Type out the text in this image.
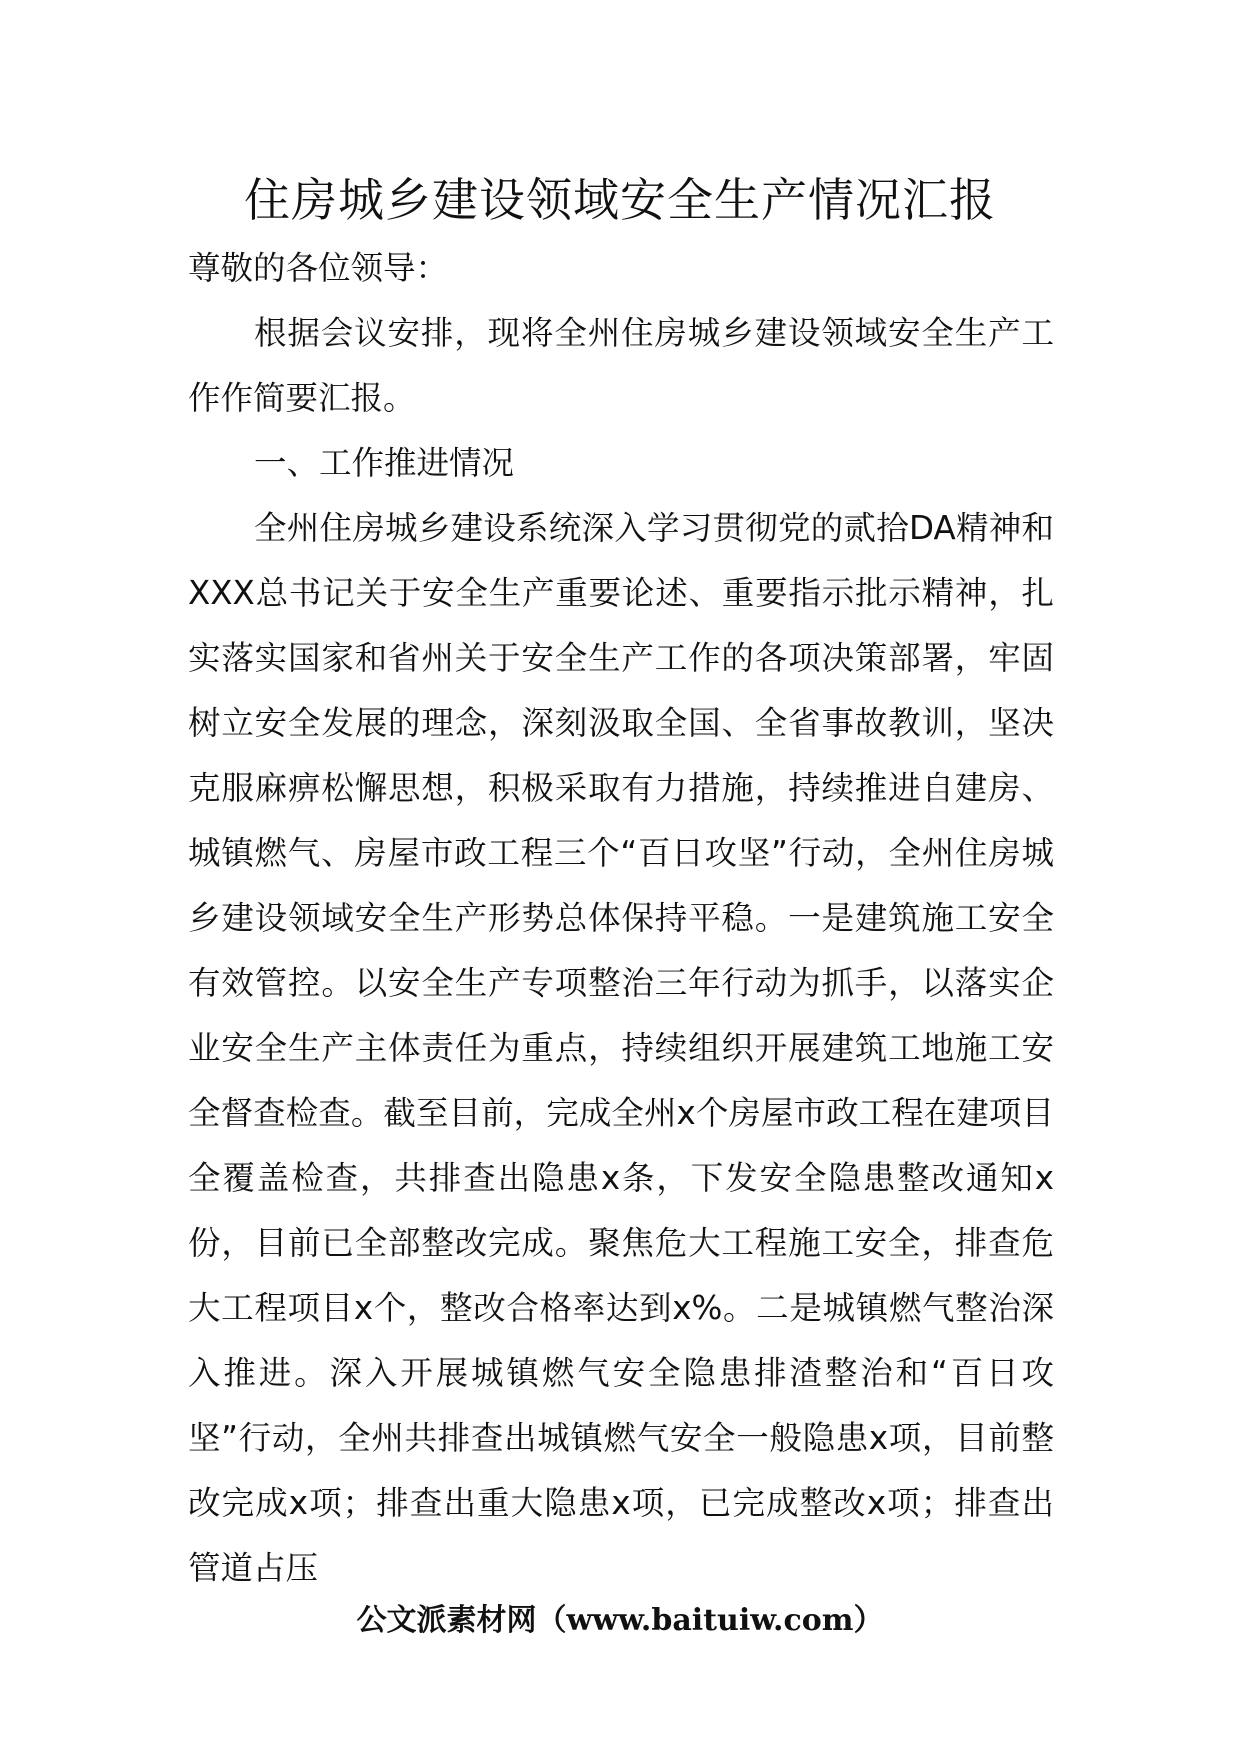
住房城乡建设领域安全生产情况汇报

尊敬的各位领导：

根据会议安排，现将全州住房城乡建设领域安全生产工作作简要汇报。

一、工作推进情况

全州住房城乡建设系统深入学习贯彻党的贰拾DA精神和XXX总书记关于安全生产重要论述、重要指示批示精神，扎实落实国家和省州关于安全生产工作的各项决策部署，牢固树立安全发展的理念，深刻汲取全国、全省事故教训，坚决克服麻痹松懈思想，积极采取有力措施，持续推进自建房、城镇燃气、房屋市政工程三个“百日攻坚”行动，全州住房城乡建设领域安全生产形势总体保持平稳。一是建筑施工安全有效管控。以安全生产专项整治三年行动为抓手，以落实企业安全生产主体责任为重点，持续组织开展建筑工地施工安全督查检查。截至目前，完成全州x个房屋市政工程在建项目全覆盖检查，共排查出隐患x条，下发安全隐患整改通知x份，目前已全部整改完成。聚焦危大工程施工安全，排查危大工程项目x个，整改合格率达到x%。二是城镇燃气整治深入推进。深入开展城镇燃气安全隐患排渣整治和“百日攻坚”行动，全州共排查出城镇燃气安全一般隐患x项，目前整改完成x项；排查出重大隐患x项，已完成整改x项；排查出管道占压

公文派素材网（www.baituiw.com）
